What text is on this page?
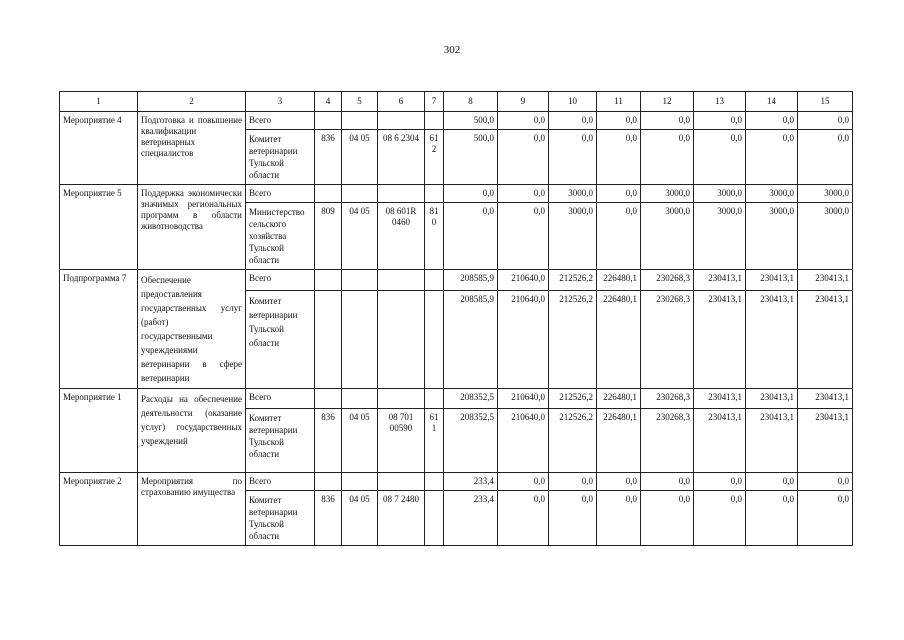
302
1	2	3	4	5	6	7	8	9	10	11	12	13	14	15
Мероприятие 4	Подготовка и повышение квалификации ветеринарных специалистов	Всего					500,0	0,0	0,0	0,0	0,0	0,0	0,0	0,0
		Комитет ветеринарии Тульской области	836	04 05	08 6 2304	612	500,0	0,0	0,0	0,0	0,0	0,0	0,0	0,0
Мероприятие 5	Поддержка экономически значимых региональных программ в области животноводства	Всего					0,0	0,0	3000,0	0,0	3000,0	3000,0	3000,0	3000,0
		Министерство сельского хозяйства Тульской области	809	04 05	08 601R 0460	810	0,0	0,0	3000,0	0,0	3000,0	3000,0	3000,0	3000,0
Подпрограмма 7	Обеспечение предоставления государственных услуг (работ) государственными учреждениями ветеринарии в сфере ветеринарии	Всего					208585,9	210640,0	212526,2	226480,1	230268,3	230413,1	230413,1	230413,1
		Комитет ветеринарии Тульской области					208585,9	210640,0	212526,2	226480,1	230268,3	230413,1	230413,1	230413,1
Мероприятие 1	Расходы на обеспечение деятельности (оказание услуг) государственных учреждений	Всего					208352,5	210640,0	212526,2	226480,1	230268,3	230413,1	230413,1	230413,1
		Комитет ветеринарии Тульской области	836	04 05	08 701 00590	611	208352,5	210640,0	212526,2	226480,1	230268,3	230413,1	230413,1	230413,1
Мероприятие 2	Мероприятия по страхованию имущества	Всего					233,4	0,0	0,0	0,0	0,0	0,0	0,0	0,0
		Комитет ветеринарии Тульской области	836	04 05	08 7 2480		233,4	0,0	0,0	0,0	0,0	0,0	0,0	0,0
